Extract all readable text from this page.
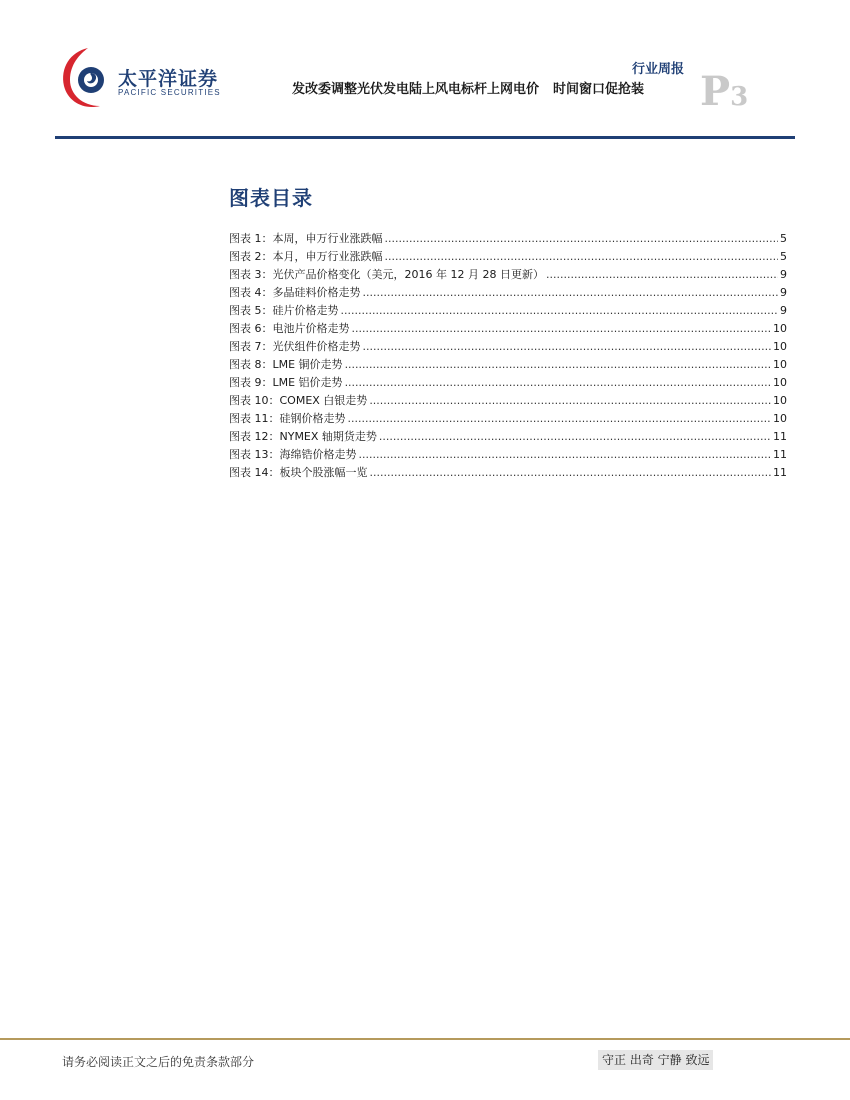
太平洋证券
PACIFIC SECURITIES
行业周报
发改委调整光伏发电陆上风电标杆上网电价 时间窗口促抢装 P3
图表目录
图表 1：本周，申万行业涨跌幅 .....	5
图表 2：本月，申万行业涨跌幅 .....	5
图表 3：光伏产品价格变化（美元，2016 年 12 月 28 日更新） .....	9
图表 4：多晶硅料价格走势 .....	9
图表 5：硅片价格走势 .....	9
图表 6：电池片价格走势 .....	10
图表 7：光伏组件价格走势 .....	10
图表 8：LME 铜价走势 .....	10
图表 9：LME 铝价走势 .....	10
图表 10：COMEX 白银走势 .....	10
图表 11：硅钢价格走势 .....	10
图表 12：NYMEX 轴期货走势 .....	11
图表 13：海绵锆价格走势 .....	11
图表 14：板块个股涨幅一览 .....	11
请务必阅读正文之后的免责条款部分	守正 出奇 宁静 致远
